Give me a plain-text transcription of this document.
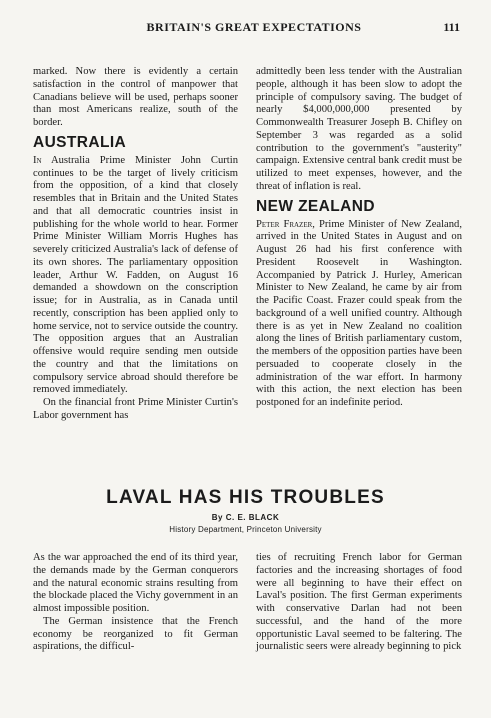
BRITAIN'S GREAT EXPECTATIONS	111

marked. Now there is evidently a certain satisfaction in the control of manpower that Canadians believe will be used, perhaps sooner than most Americans realize, south of the border.

AUSTRALIA

In Australia Prime Minister John Curtin continues to be the target of lively criticism from the opposition, of a kind that closely resembles that in Britain and the United States and that all democratic countries insist in publishing for the whole world to hear. Former Prime Minister William Morris Hughes has severely criticized Australia's lack of defense of its own shores. The parliamentary opposition leader, Arthur W. Fadden, on August 16 demanded a showdown on the conscription issue; for in Australia, as in Canada until recently, conscription has been applied only to home service, not to service outside the country. The opposition argues that an Australian offensive would require sending men outside the country and that the limitations on compulsory service abroad should therefore be removed immediately.

On the financial front Prime Minister Curtin's Labor government has

admittedly been less tender with the Australian people, although it has been slow to adopt the principle of compulsory saving. The budget of nearly $4,000,000,000 presented by Commonwealth Treasurer Joseph B. Chifley on September 3 was regarded as a solid contribution to the government's "austerity" campaign. Extensive central bank credit must be utilized to meet expenses, however, and the threat of inflation is real.

NEW ZEALAND

Peter Frazer, Prime Minister of New Zealand, arrived in the United States in August and on August 26 had his first conference with President Roosevelt in Washington. Accompanied by Patrick J. Hurley, American Minister to New Zealand, he came by air from the Pacific Coast. Frazer could speak from the background of a well unified country. Although there is as yet in New Zealand no coalition along the lines of British parliamentary custom, the members of the opposition parties have been persuaded to cooperate closely in the administration of the war effort. In harmony with this action, the next election has been postponed for an indefinite period.

LAVAL HAS HIS TROUBLES
By C. E. BLACK
History Department, Princeton University

As the war approached the end of its third year, the demands made by the German conquerors and the natural economic strains resulting from the blockade placed the Vichy government in an almost impossible position.

The German insistence that the French economy be reorganized to fit German aspirations, the difficul-

ties of recruiting French labor for German factories and the increasing shortages of food were all beginning to have their effect on Laval's position. The first German experiments with conservative Darlan had not been successful, and the hand of the more opportunistic Laval seemed to be faltering. The journalistic seers were already beginning to pick
